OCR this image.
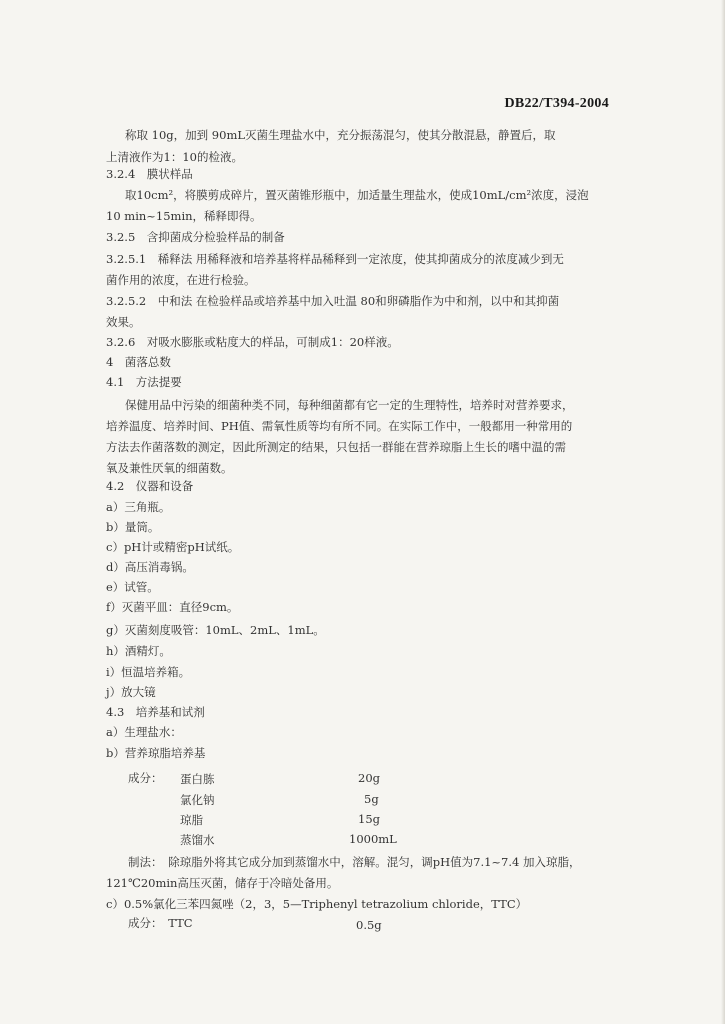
DB22/T394-2004
称取 10g，加到 90mL灭菌生理盐水中，充分振荡混匀，使其分散混悬，静置后，取
上清液作为1：10的检液。
3.2.4　膜状样品
取10cm²，将膜剪成碎片，置灭菌锥形瓶中，加适量生理盐水，使成10mL/cm²浓度，浸泡
10 min~15min，稀释即得。
3.2.5　含抑菌成分检验样品的制备
3.2.5.1　稀释法 用稀释液和培养基将样品稀释到一定浓度，使其抑菌成分的浓度减少到无
菌作用的浓度，在进行检验。
3.2.5.2　中和法 在检验样品或培养基中加入吐温 80和卵磷脂作为中和剂，以中和其抑菌
效果。
3.2.6　对吸水膨胀或粘度大的样品，可制成1：20样液。
4　菌落总数
4.1　方法提要
保健用品中污染的细菌种类不同，每种细菌都有它一定的生理特性，培养时对营养要求，
培养温度、培养时间、PH值、需氧性质等均有所不同。在实际工作中，一般都用一种常用的
方法去作菌落数的测定，因此所测定的结果，只包括一群能在营养琼脂上生长的嗜中温的需
氧及兼性厌氧的细菌数。
4.2　仪器和设备
a）三角瓶。
b）量筒。
c）pH计或精密pH试纸。
d）高压消毒锅。
e）试管。
f）灭菌平皿：直径9cm。
g）灭菌刻度吸管：10mL、2mL、1mL。
h）酒精灯。
i）恒温培养箱。
j）放大镜
4.3　培养基和试剂
a）生理盐水：
b）营养琼脂培养基
成分： 蛋白胨	20g
氯化钠	5g
琼脂	15g
蒸馏水	1000mL
制法：　除琼脂外将其它成分加到蒸馏水中，溶解。混匀，调pH值为7.1~7.4 加入琼脂，
121℃20min高压灭菌，储存于冷暗处备用。
c）0.5%氯化三苯四氮唑（2，3，5—Triphenyl tetrazolium chloride，TTC）
成分：　TTC	0.5g
